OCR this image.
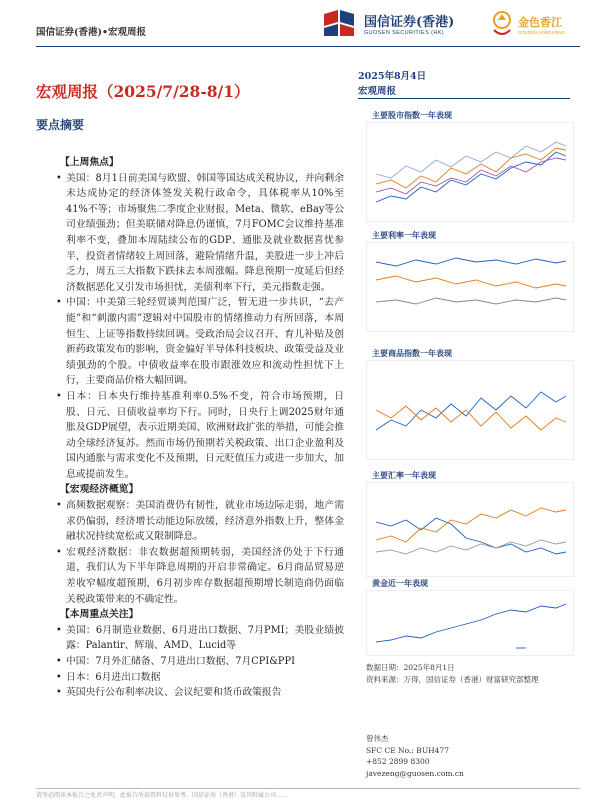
国信证券(香港)•宏观周报
国信证券(香港)
GUOSEN SECURITIES (HK)
金色香江
GOLDEN HONGKONG
宏观周报（2025/7/28-8/1）
要点摘要
【上周焦点】
• 美国：8月1日前美国与欧盟、韩国等国达成关税协议，并向剩余未达成协定的经济体签发关税行政命令，具体税率从10%至41%不等；市场聚焦二季度企业财报，Meta、微软、eBay等公司业绩强劲；但美联储对降息仍谨慎，7月FOMC会议维持基准利率不变，叠加本周陆续公布的GDP、通胀及就业数据喜忧参半，投资者情绪较上周回落，避险情绪升温，美股进一步上冲后乏力，周五三大指数下跌抹去本周涨幅。降息预期一度延后但经济数据恶化又引发市场担忧，美债利率下行，美元指数走强。
• 中国：中美第三轮经贸谈判范围广泛，暂无进一步共识，“去产能”和“刺激内需”逻辑对中国股市的情绪推动力有所回落，本周恒生、上证等指数持续回调。受政治局会议召开、育儿补贴及创新药政策发布的影响，资金偏好半导体科技板块、政策受益及业绩强劲的个股。中债收益率在股市跟涨效应和流动性担忧下上行，主要商品价格大幅回调。
• 日本：日本央行维持基准利率0.5%不变，符合市场预期，日股、日元、日债收益率均下行。同时，日央行上调2025财年通胀及GDP展望，表示近期美国、欧洲财政扩张的举措，可能会推动全球经济复苏。然而市场仍预期若关税政策、出口企业盈利及国内通胀与需求变化不及预期，日元贬值压力或进一步加大，加息或提前发生。
【宏观经济概览】
• 高频数据观察：美国消费仍有韧性，就业市场边际走弱，地产需求仍偏弱，经济增长动能边际放缓，经济意外指数上升，整体金融状况持续宽松或又限制降息。
• 宏观经济数据：非农数据超预期转弱，美国经济仍处于下行通道，我们认为下半年降息周期的开启非常确定。6月商品贸易逆差收窄幅度超预期，6月初步库存数据超预期增长制造商仍面临关税政策带来的不确定性。
【本周重点关注】
• 美国：6月制造业数据、6月进出口数据、7月PMI；美股业绩披露：Palantir、辉瑞、AMD、Lucid等
• 中国：7月外汇储备、7月进出口数据、7月CPI&PPI
• 日本：6月进出口数据
• 英国央行公布利率决议、会议纪要和货币政策报告
2025年8月4日
宏观周报
主要股市指数一年表现
主要利率一年表现
主要商品指数一年表现
主要汇率一年表现
黄金近一年表现
数据日期：2025年8月1日
资料来源：万得，国信证券（香港）财富研究部整理
曾伟杰
SFC CE No.: BUH477
+852 2899 8300
javezeng@guosen.com.cn
请务必阅读本报告之免责声明，此报告所载资料仅供参考。国信证券（香港）及其附属公司……
